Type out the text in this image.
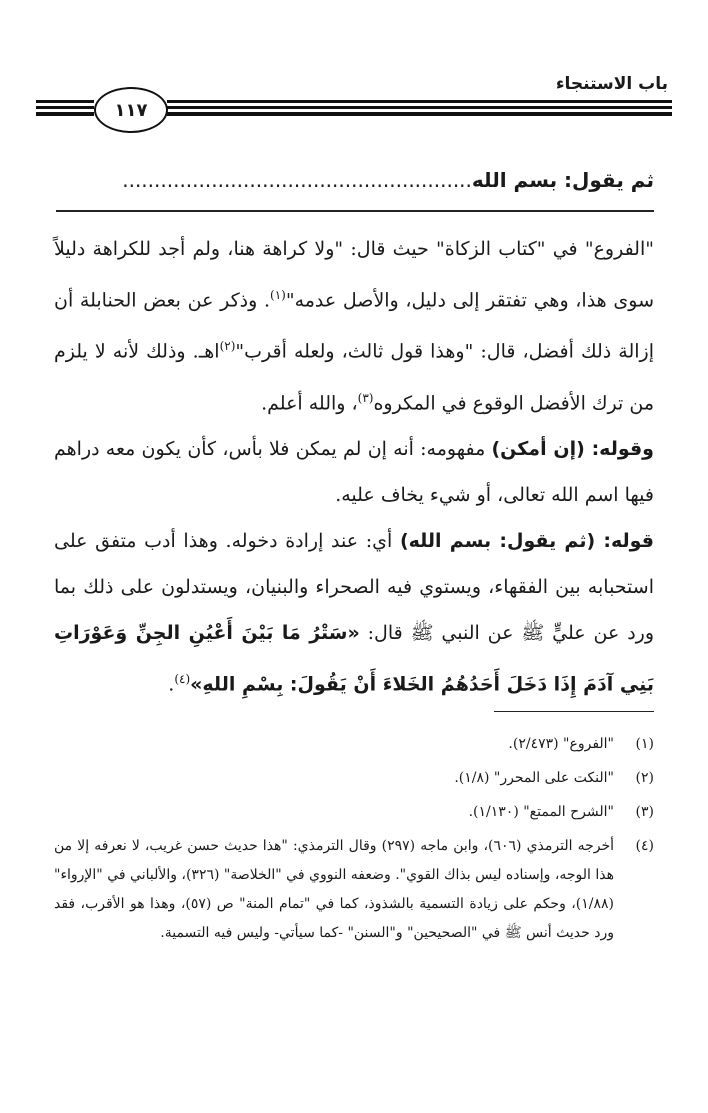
باب الاستنجاء
١١٧
ثم يقول: بسم الله.......................................................

"الفروع" في "كتاب الزكاة" حيث قال: "ولا كراهة هنا، ولم أجد للكراهة دليلاً سوى هذا، وهي تفتقر إلى دليل، والأصل عدمه"$^{(١)}$. وذكر عن بعض الحنابلة أن إزالة ذلك أفضل، قال: "وهذا قول ثالث، ولعله أقرب"$^{(٢)}$اهـ. وذلك لأنه لا يلزم من ترك الأفضل الوقوع في المكروه$^{(٣)}$، والله أعلم.

وقوله: (إن أمكن) مفهومه: أنه إن لم يمكن فلا بأس، كأن يكون معه دراهم فيها اسم الله تعالى، أو شيء يخاف عليه.

قوله: (ثم يقول: بسم الله) أي: عند إرادة دخوله. وهذا أدب متفق على استحبابه بين الفقهاء، ويستوي فيه الصحراء والبنيان، ويستدلون على ذلك بما ورد عن عليٍّ ﷺ عن النبي ﷺ قال: «سَتْرُ مَا بَيْنَ أَعْيُنِ الجِنِّ وَعَوْرَاتِ بَنِي آدَمَ إِذَا دَخَلَ أَحَدُهُمُ الخَلاءَ أَنْ يَقُولَ: بِسْمِ اللهِ»$^{(٤)}$.

(١)
"الفروع" (٢/٤٧٣).
(٢)
"النكت على المحرر" (١/٨).
(٣)
"الشرح الممتع" (١/١٣٠).
(٤)
أخرجه الترمذي (٦٠٦)، وابن ماجه (٢٩٧) وقال الترمذي: "هذا حديث حسن غريب، لا نعرفه إلا من هذا الوجه، وإسناده ليس بذاك القوي". وضعفه النووي في "الخلاصة" (٣٢٦)، والألباني في "الإرواء" (١/٨٨)، وحكم على زيادة التسمية بالشذوذ، كما في "تمام المنة" ص (٥٧)، وهذا هو الأقرب، فقد ورد حديث أنس ﷺ في "الصحيحين" و"السنن" -كما سيأتي- وليس فيه التسمية.
